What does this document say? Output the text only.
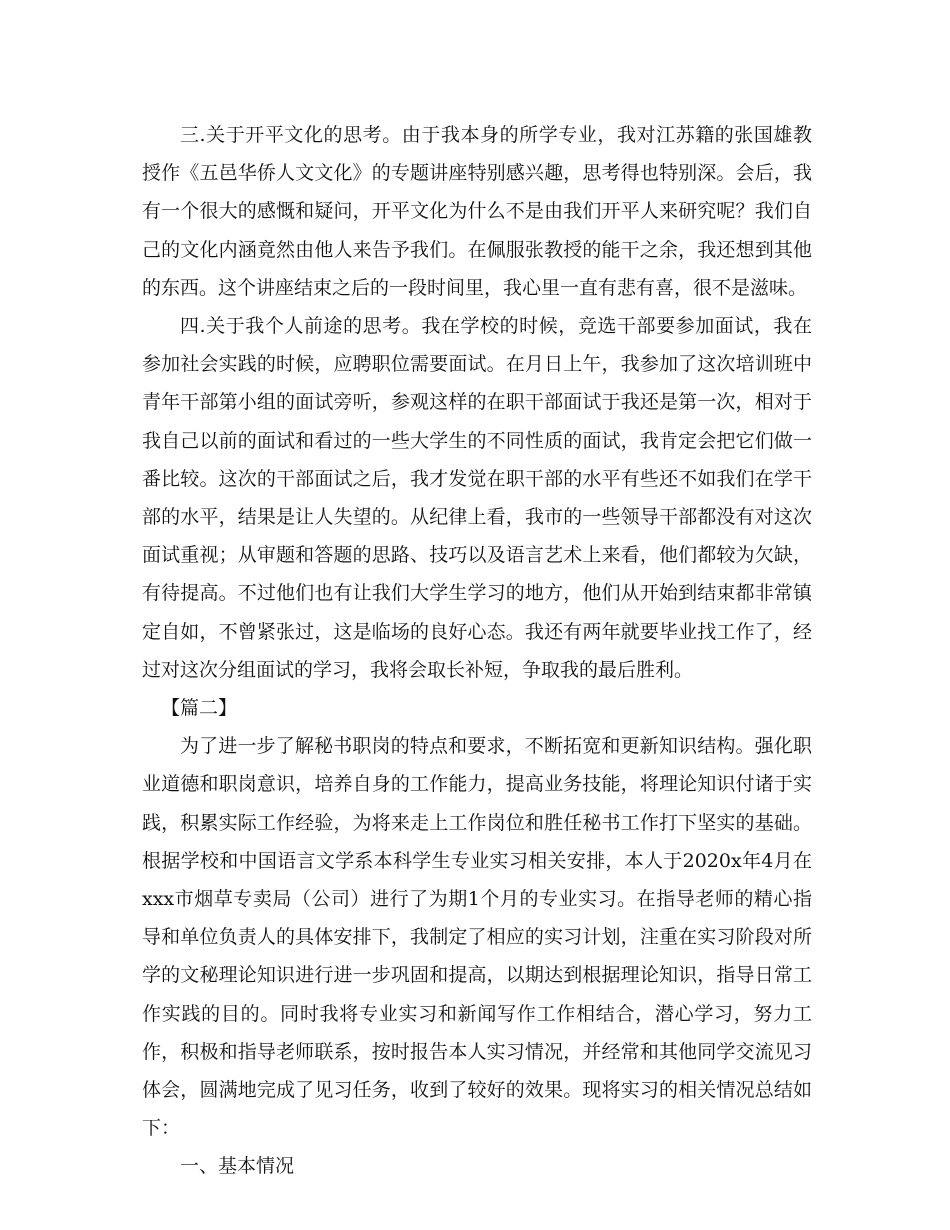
三.关于开平文化的思考。由于我本身的所学专业，我对江苏籍的张国雄教授作《五邑华侨人文文化》的专题讲座特别感兴趣，思考得也特别深。会后，我有一个很大的感慨和疑问，开平文化为什么不是由我们开平人来研究呢？我们自己的文化内涵竟然由他人来告予我们。在佩服张教授的能干之余，我还想到其他的东西。这个讲座结束之后的一段时间里，我心里一直有悲有喜，很不是滋味。

四.关于我个人前途的思考。我在学校的时候，竞选干部要参加面试，我在参加社会实践的时候，应聘职位需要面试。在月日上午，我参加了这次培训班中青年干部第小组的面试旁听，参观这样的在职干部面试于我还是第一次，相对于我自己以前的面试和看过的一些大学生的不同性质的面试，我肯定会把它们做一番比较。这次的干部面试之后，我才发觉在职干部的水平有些还不如我们在学干部的水平，结果是让人失望的。从纪律上看，我市的一些领导干部都没有对这次面试重视；从审题和答题的思路、技巧以及语言艺术上来看，他们都较为欠缺，有待提高。不过他们也有让我们大学生学习的地方，他们从开始到结束都非常镇定自如，不曾紧张过，这是临场的良好心态。我还有两年就要毕业找工作了，经过对这次分组面试的学习，我将会取长补短，争取我的最后胜利。

【篇二】

为了进一步了解秘书职岗的特点和要求，不断拓宽和更新知识结构。强化职业道德和职岗意识，培养自身的工作能力，提高业务技能，将理论知识付诸于实践，积累实际工作经验，为将来走上工作岗位和胜任秘书工作打下坚实的基础。根据学校和中国语言文学系本科学生专业实习相关安排，本人于2020x年4月在xxx市烟草专卖局（公司）进行了为期1个月的专业实习。在指导老师的精心指导和单位负责人的具体安排下，我制定了相应的实习计划，注重在实习阶段对所学的文秘理论知识进行进一步巩固和提高，以期达到根据理论知识，指导日常工作实践的目的。同时我将专业实习和新闻写作工作相结合，潜心学习，努力工作，积极和指导老师联系，按时报告本人实习情况，并经常和其他同学交流见习体会，圆满地完成了见习任务，收到了较好的效果。现将实习的相关情况总结如下：

一、基本情况
